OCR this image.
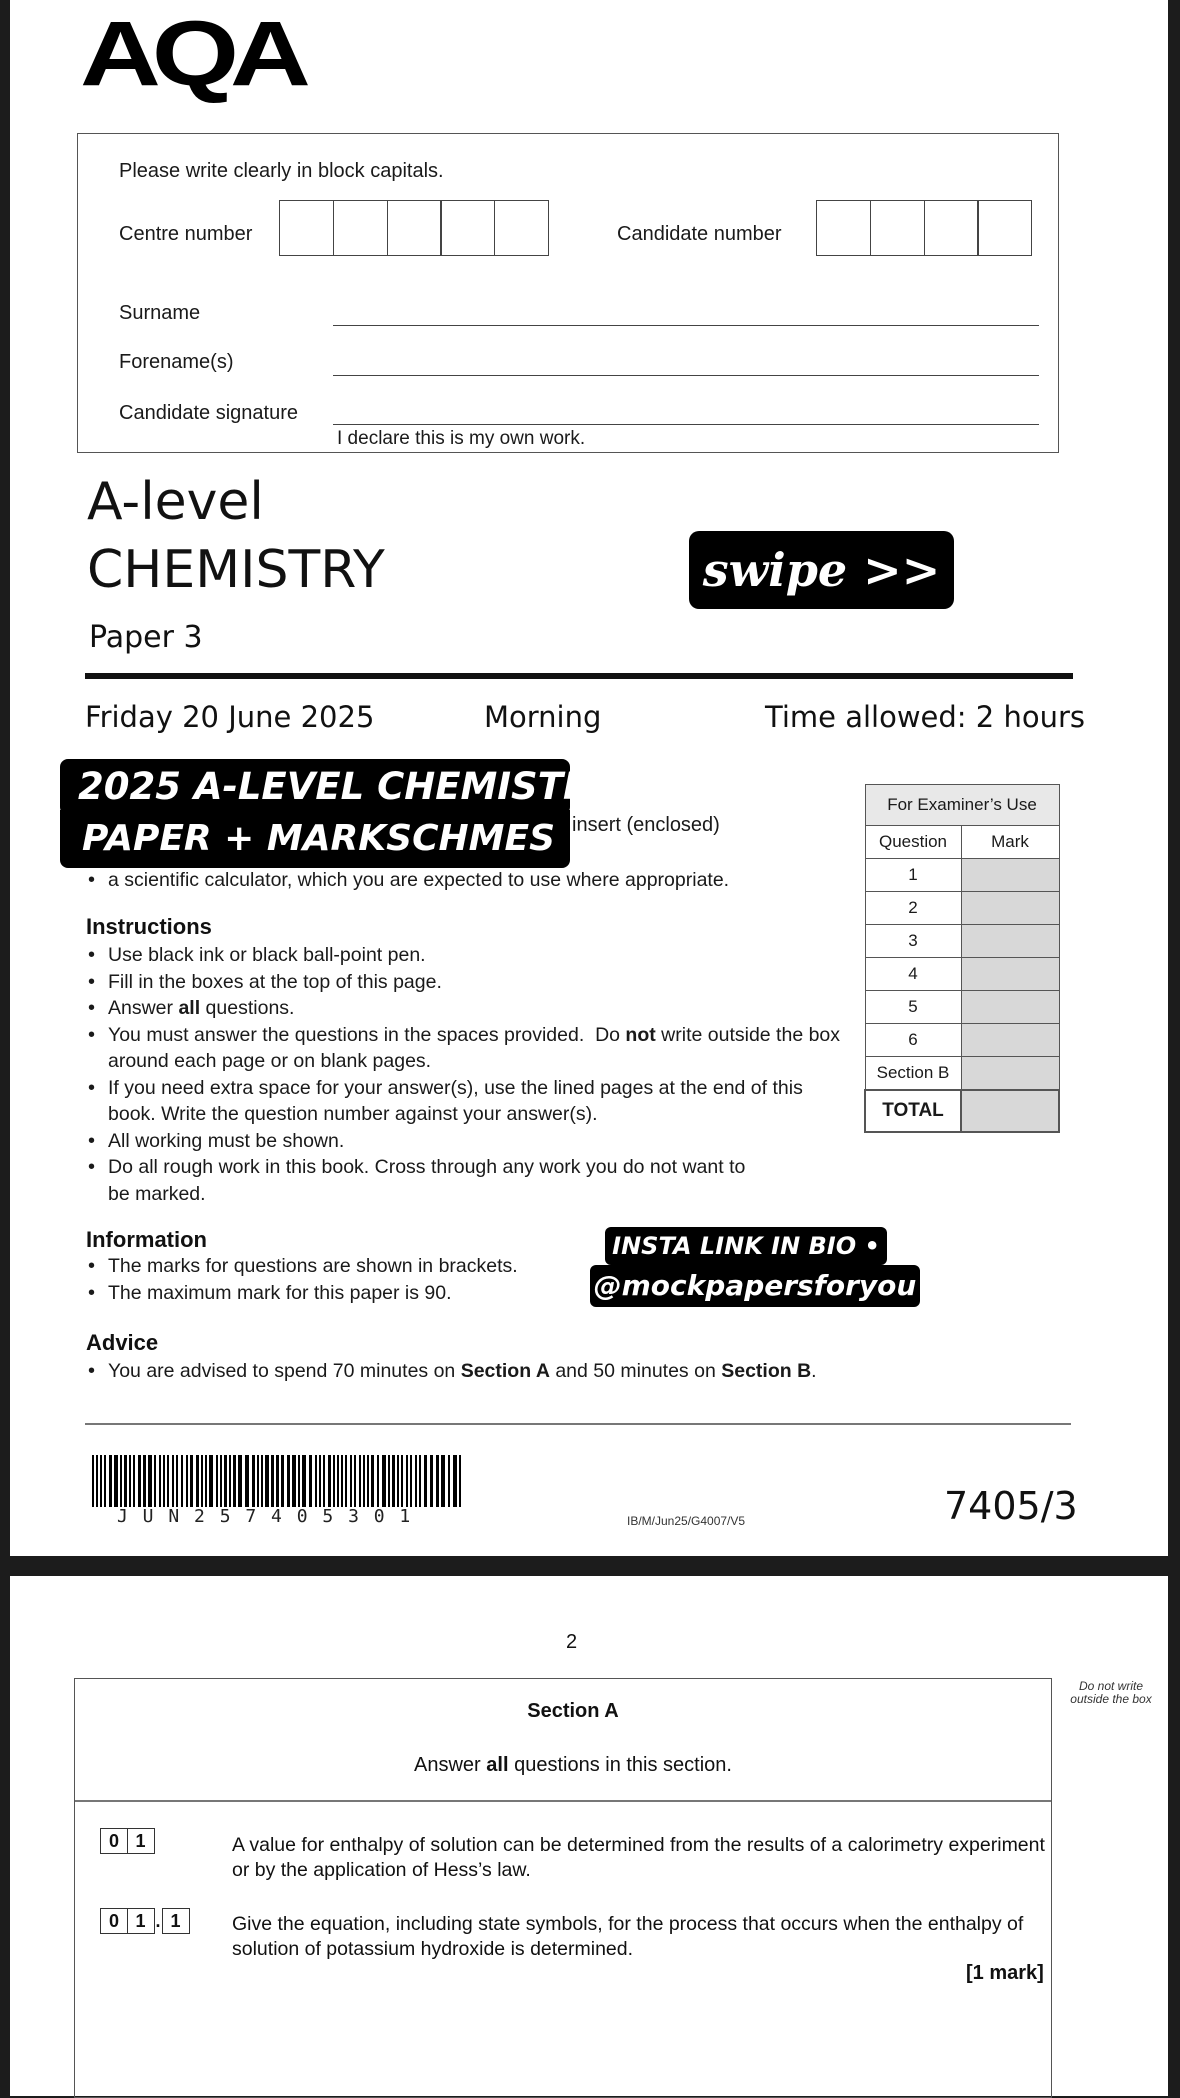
AQA
Please write clearly in block capitals.
Centre number	Candidate number
Surname
Forename(s)
Candidate signature
I declare this is my own work.
A-level
CHEMISTRY
Paper 3
swipe >>
Friday 20 June 2025	Morning	Time allowed: 2 hours
2025 A-LEVEL CHEMISTRY
insert (enclosed)
PAPER + MARKSCHMES •
• a scientific calculator, which you are expected to use where appropriate.
Instructions
• Use black ink or black ball-point pen.
• Fill in the boxes at the top of this page.
• Answer all questions.
• You must answer the questions in the spaces provided.  Do not write outside the box around each page or on blank pages.
• If you need extra space for your answer(s), use the lined pages at the end of this book. Write the question number against your answer(s).
• All working must be shown.
• Do all rough work in this book. Cross through any work you do not want to be marked.
Information
• The marks for questions are shown in brackets.
• The maximum mark for this paper is 90.
INSTA LINK IN BIO •
@mockpapersforyou
Advice
• You are advised to spend 70 minutes on Section A and 50 minutes on Section B.
J U N 2 5 7 4 0 5 3 0 1	IB/M/Jun25/G4007/V5	7405/3
For Examiner’s Use	
Question	Mark
1	
2	
3	
4	
5	
6	
Section B	
TOTAL	
2
Do not write outside the box
Section A
Answer all questions in this section.
0 1	A value for enthalpy of solution can be determined from the results of a calorimetry experiment or by the application of Hess’s law.
0 1 . 1	Give the equation, including state symbols, for the process that occurs when the enthalpy of solution of potassium hydroxide is determined.
[1 mark]
